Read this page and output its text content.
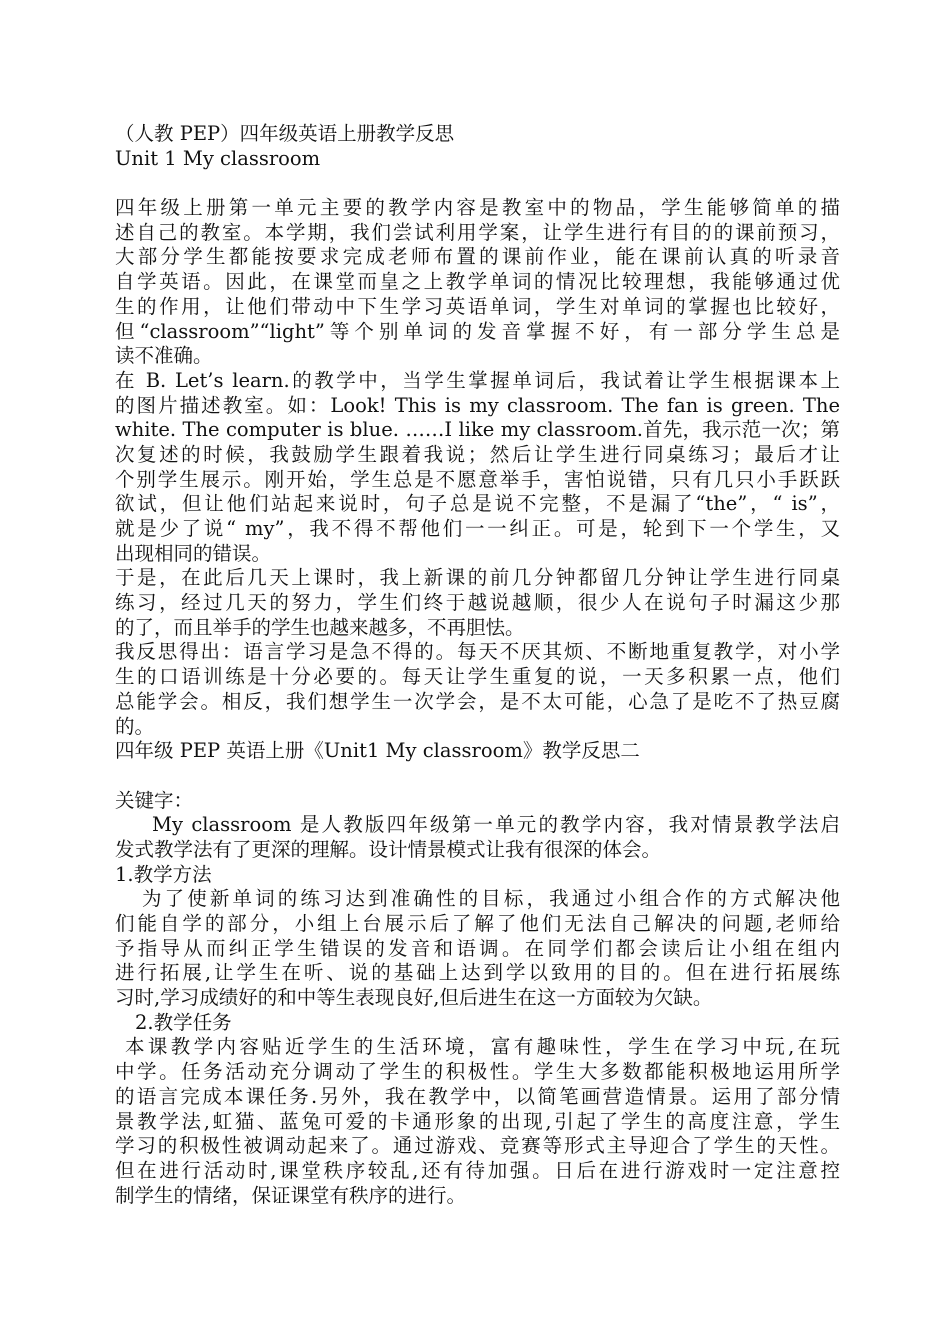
（人教 PEP）四年级英语上册教学反思
Unit 1 My classroom
四年级上册第一单元主要的教学内容是教室中的物品，学生能够简单的描
述自己的教室。本学期，我们尝试利用学案，让学生进行有目的的课前预习，
大部分学生都能按要求完成老师布置的课前作业，能在课前认真的听录音
自学英语。因此，在课堂而皇之上教学单词的情况比较理想，我能够通过优
生的作用，让他们带动中下生学习英语单词，学生对单词的掌握也比较好，
但“classroom”“light”等个别单词的发音掌握不好，有一部分学生总是
读不准确。
在 B. Let’s learn.的教学中，当学生掌握单词后，我试着让学生根据课本上
的图片描述教室。如：Look! This is my classroom. The fan is green. The
white. The computer is blue. ……I like my classroom.首先，我示范一次；第
次复述的时候，我鼓励学生跟着我说；然后让学生进行同桌练习；最后才让
个别学生展示。刚开始，学生总是不愿意举手，害怕说错，只有几只小手跃跃
欲试，但让他们站起来说时，句子总是说不完整，不是漏了“the”，“ is”，
就是少了说“ my”，我不得不帮他们一一纠正。可是，轮到下一个学生，又
出现相同的错误。
于是，在此后几天上课时，我上新课的前几分钟都留几分钟让学生进行同桌
练习，经过几天的努力，学生们终于越说越顺，很少人在说句子时漏这少那
的了，而且举手的学生也越来越多，不再胆怯。
我反思得出：语言学习是急不得的。每天不厌其烦、不断地重复教学，对小学
生的口语训练是十分必要的。每天让学生重复的说，一天多积累一点，他们
总能学会。相反，我们想学生一次学会，是不太可能，心急了是吃不了热豆腐
的。
四年级 PEP 英语上册《Unit1 My classroom》教学反思二
关键字：
My classroom 是人教版四年级第一单元的教学内容，我对情景教学法启
发式教学法有了更深的理解。设计情景模式让我有很深的体会。
1.教学方法
为了使新单词的练习达到准确性的目标，我通过小组合作的方式解决他
们能自学的部分，小组上台展示后了解了他们无法自己解决的问题,老师给
予指导从而纠正学生错误的发音和语调。在同学们都会读后让小组在组内
进行拓展,让学生在听、说的基础上达到学以致用的目的。但在进行拓展练
习时,学习成绩好的和中等生表现良好,但后进生在这一方面较为欠缺。
2.教学任务
本课教学内容贴近学生的生活环境，富有趣味性，学生在学习中玩,在玩
中学。任务活动充分调动了学生的积极性。学生大多数都能积极地运用所学
的语言完成本课任务.另外，我在教学中，以简笔画营造情景。运用了部分情
景教学法,虹猫、蓝兔可爱的卡通形象的出现,引起了学生的高度注意，学生
学习的积极性被调动起来了。通过游戏、竞赛等形式主导迎合了学生的天性。
但在进行活动时,课堂秩序较乱,还有待加强。日后在进行游戏时一定注意控
制学生的情绪，保证课堂有秩序的进行。
